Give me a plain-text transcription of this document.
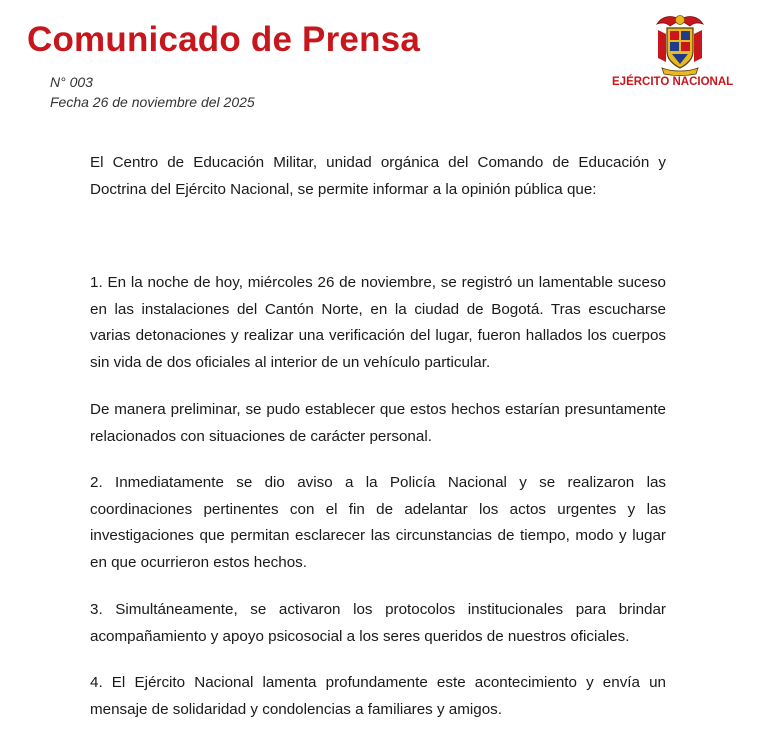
Comunicado de Prensa
N° 003
Fecha 26 de noviembre del 2025
EJÉRCITO NACIONAL

El Centro de Educación Militar, unidad orgánica del Comando de Educación y Doctrina del Ejército Nacional, se permite informar a la opinión pública que:

1. En la noche de hoy, miércoles 26 de noviembre, se registró un lamentable suceso en las instalaciones del Cantón Norte, en la ciudad de Bogotá. Tras escucharse varias detonaciones y realizar una verificación del lugar, fueron hallados los cuerpos sin vida de dos oficiales al interior de un vehículo particular.

De manera preliminar, se pudo establecer que estos hechos estarían presuntamente relacionados con situaciones de carácter personal.

2. Inmediatamente se dio aviso a la Policía Nacional y se realizaron las coordinaciones pertinentes con el fin de adelantar los actos urgentes y las investigaciones que permitan esclarecer las circunstancias de tiempo, modo y lugar en que ocurrieron estos hechos.

3. Simultáneamente, se activaron los protocolos institucionales para brindar acompañamiento y apoyo psicosocial a los seres queridos de nuestros oficiales.

4. El Ejército Nacional lamenta profundamente este acontecimiento y envía un mensaje de solidaridad y condolencias a familiares y amigos.
